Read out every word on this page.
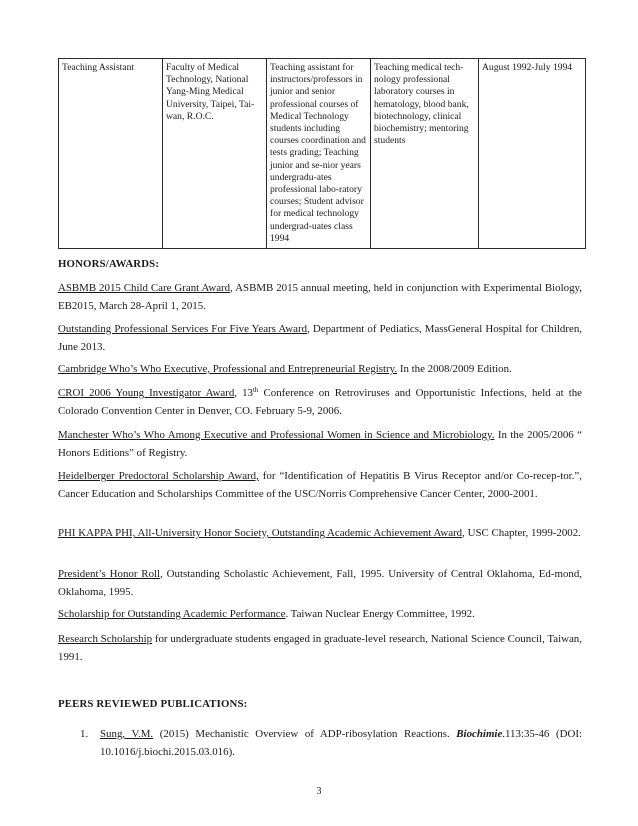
Teaching Assistant	Faculty of Medical Technology, National Yang-Ming Medical University, Taipei, Tai-wan, R.O.C.	Teaching assistant for instructors/professors in junior and senior professional courses of Medical Technology students including courses coordination and tests grading; Teaching junior and se-nior years undergradu-ates professional labo-ratory courses; Student advisor for medical technology undergrad-uates class 1994	Teaching medical tech-nology professional laboratory courses in hematology, blood bank, biotechnology, clinical biochemistry; mentoring students	August 1992-July 1994
HONORS/AWARDS:
ASBMB 2015 Child Care Grant Award, ASBMB 2015 annual meeting, held in conjunction with Experimental Biology, EB2015, March 28-April 1, 2015.
Outstanding Professional Services For Five Years Award, Department of Pediatics, MassGeneral Hospital for Children, June 2013.
Cambridge Who’s Who Executive, Professional and Entrepreneurial Registry. In the 2008/2009 Edition.
CROI 2006 Young Investigator Award, 13th Conference on Retroviruses and Opportunistic Infections, held at the Colorado Convention Center in Denver, CO. February 5-9, 2006.
Manchester Who’s Who Among Executive and Professional Women in Science and Microbiology. In the 2005/2006 “ Honors Editions” of Registry.
Heidelberger Predoctoral Scholarship Award, for “Identification of Hepatitis B Virus Receptor and/or Co-recep-tor.”, Cancer Education and Scholarships Committee of the USC/Norris Comprehensive Cancer Center, 2000-2001.
PHI KAPPA PHI, All-University Honor Society, Outstanding Academic Achievement Award, USC Chapter, 1999-2002.
President’s Honor Roll, Outstanding Scholastic Achievement, Fall, 1995. University of Central Oklahoma, Ed-mond, Oklahoma, 1995.
Scholarship for Outstanding Academic Performance. Taiwan Nuclear Energy Committee, 1992.
Research Scholarship for undergraduate students engaged in graduate-level research, National Science Council, Taiwan, 1991.
PEERS REVIEWED PUBLICATIONS:
1. Sung, V.M. (2015) Mechanistic Overview of ADP-ribosylation Reactions. Biochimie.113:35-46 (DOI: 10.1016/j.biochi.2015.03.016).
3
